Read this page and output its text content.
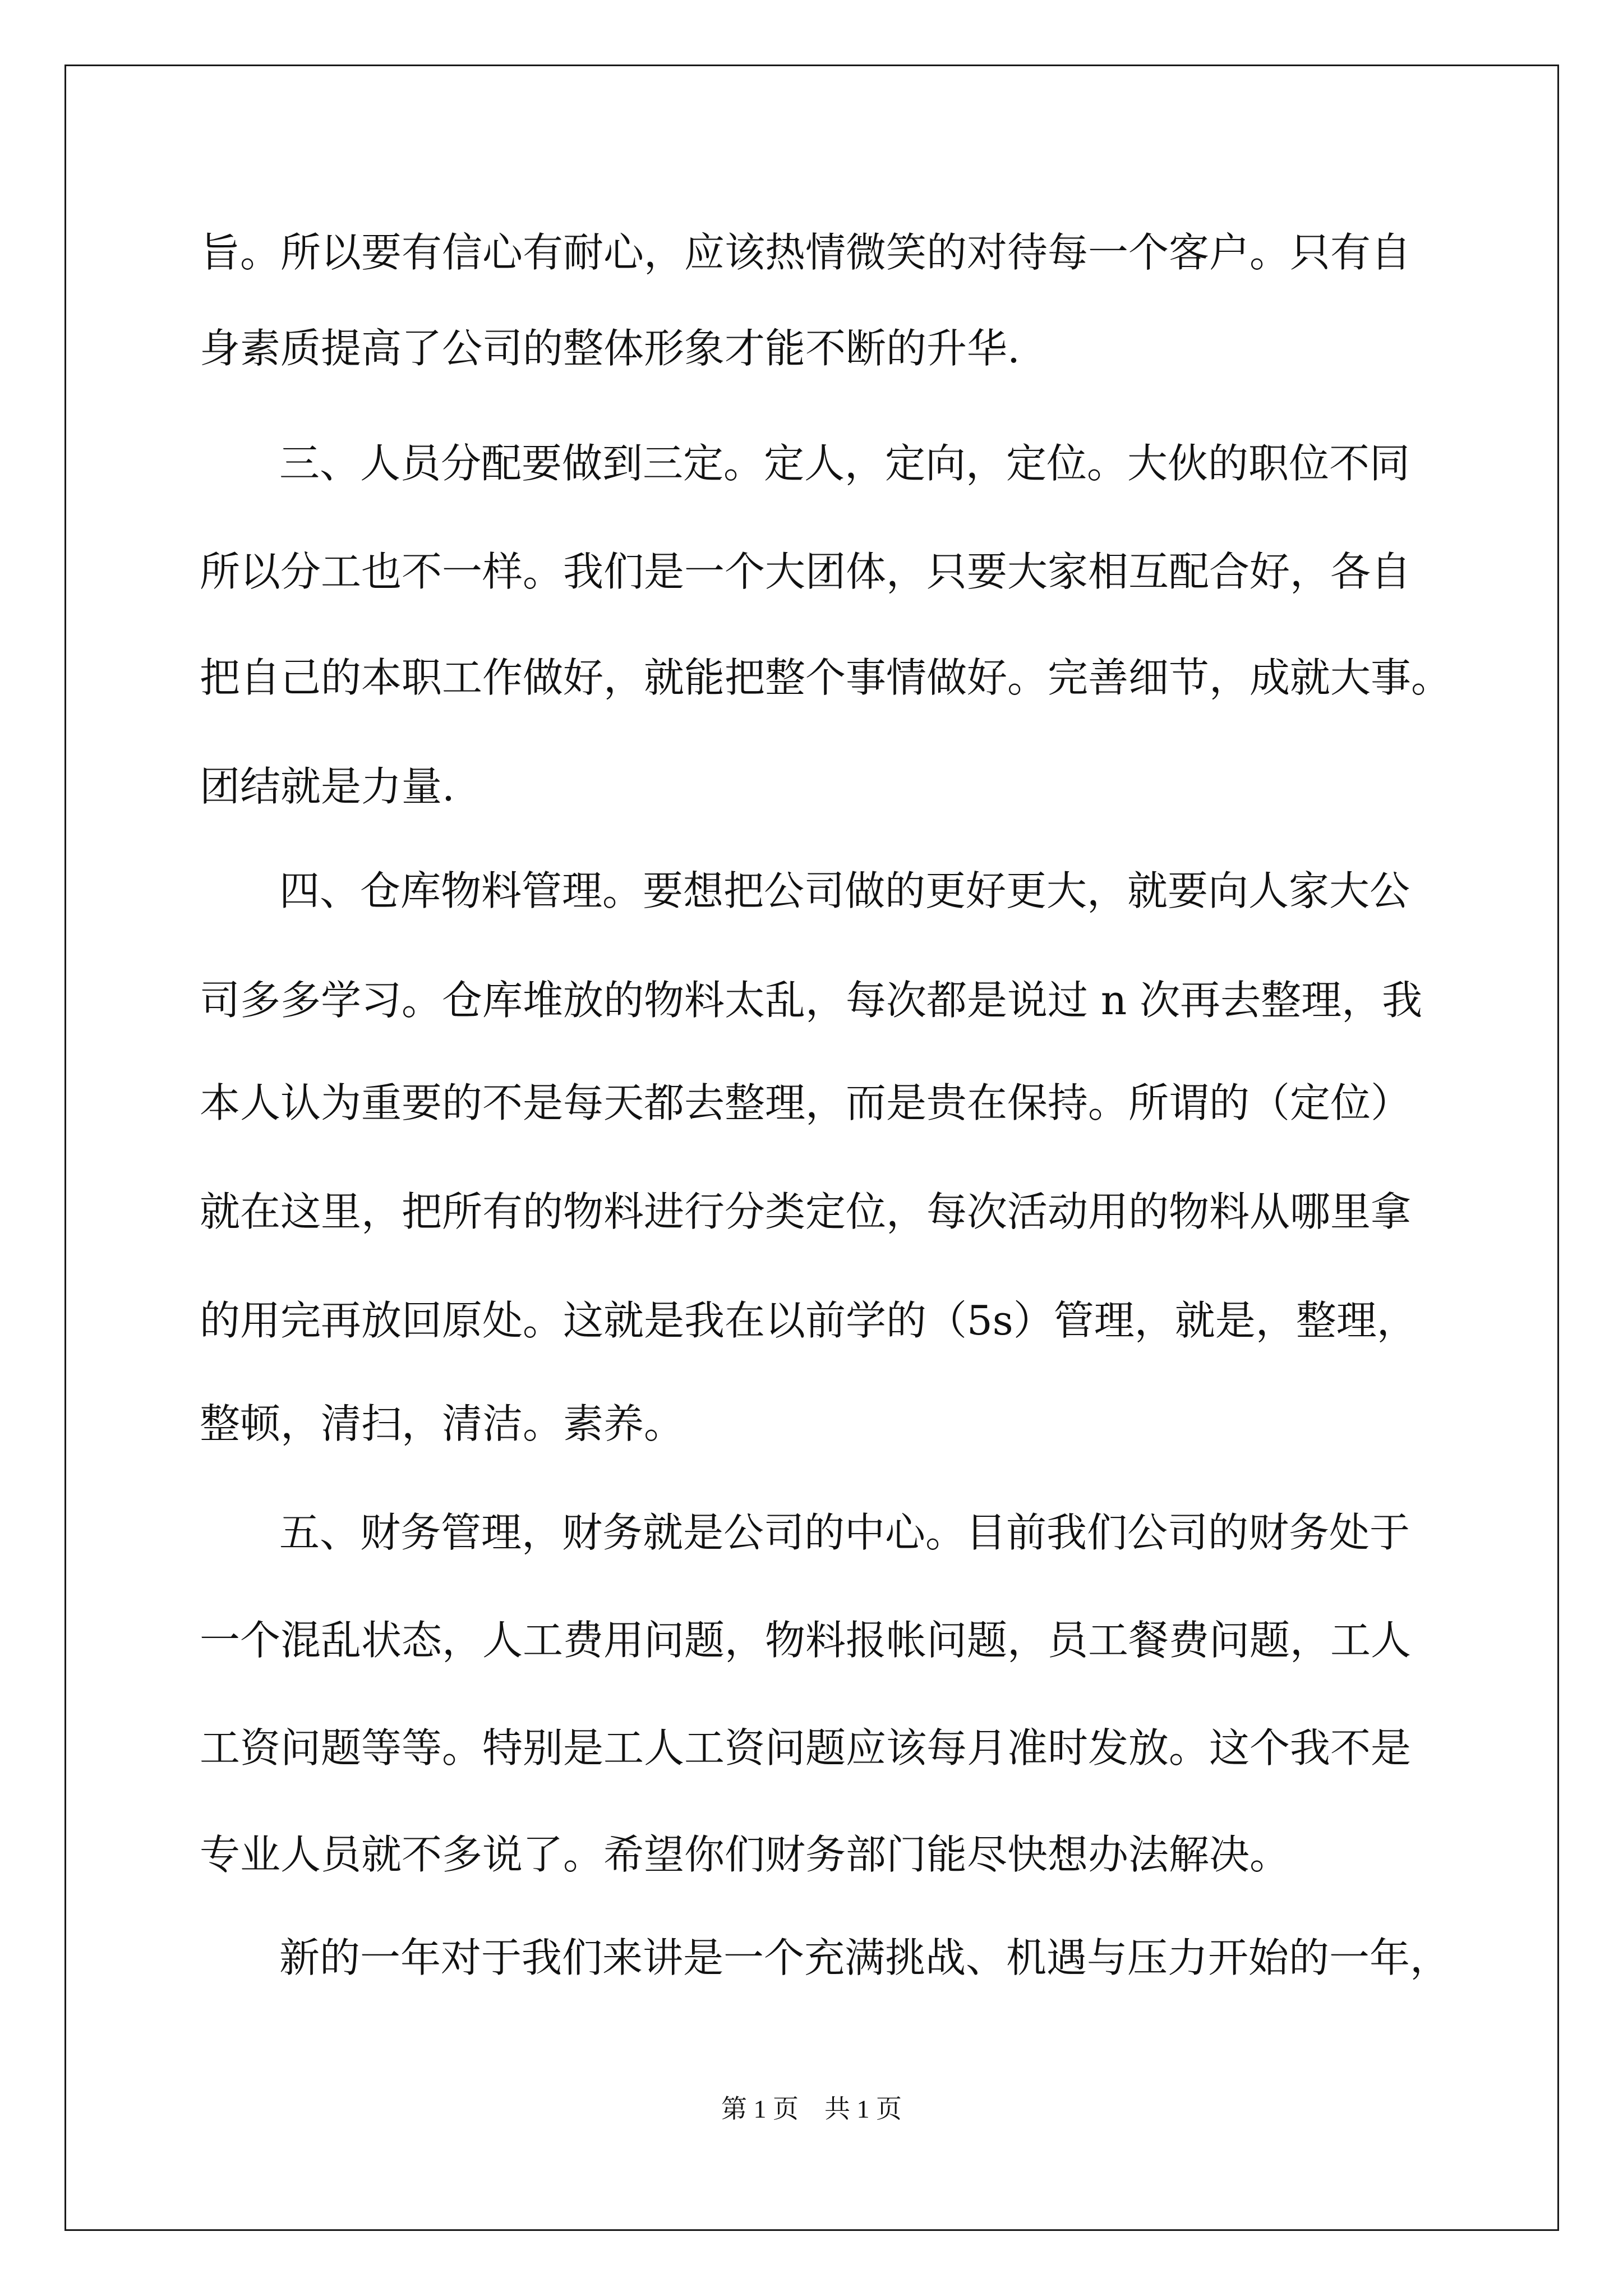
旨。所以要有信心有耐心，应该热情微笑的对待每一个客户。只有自

身素质提高了公司的整体形象才能不断的升华.

三、人员分配要做到三定。定人，定向，定位。大伙的职位不同

所以分工也不一样。我们是一个大团体，只要大家相互配合好，各自

把自己的本职工作做好，就能把整个事情做好。完善细节，成就大事。

团结就是力量.

四、仓库物料管理。要想把公司做的更好更大，就要向人家大公

司多多学习。仓库堆放的物料太乱，每次都是说过 n 次再去整理，我

本人认为重要的不是每天都去整理，而是贵在保持。所谓的（定位）

就在这里，把所有的物料进行分类定位，每次活动用的物料从哪里拿

的用完再放回原处。这就是我在以前学的（5s）管理，就是，整理，

整顿，清扫，清洁。素养。

五、财务管理，财务就是公司的中心。目前我们公司的财务处于

一个混乱状态，人工费用问题，物料报帐问题，员工餐费问题，工人

工资问题等等。特别是工人工资问题应该每月准时发放。这个我不是

专业人员就不多说了。希望你们财务部门能尽快想办法解决。

新的一年对于我们来讲是一个充满挑战、机遇与压力开始的一年，

第 1 页　共 1 页
